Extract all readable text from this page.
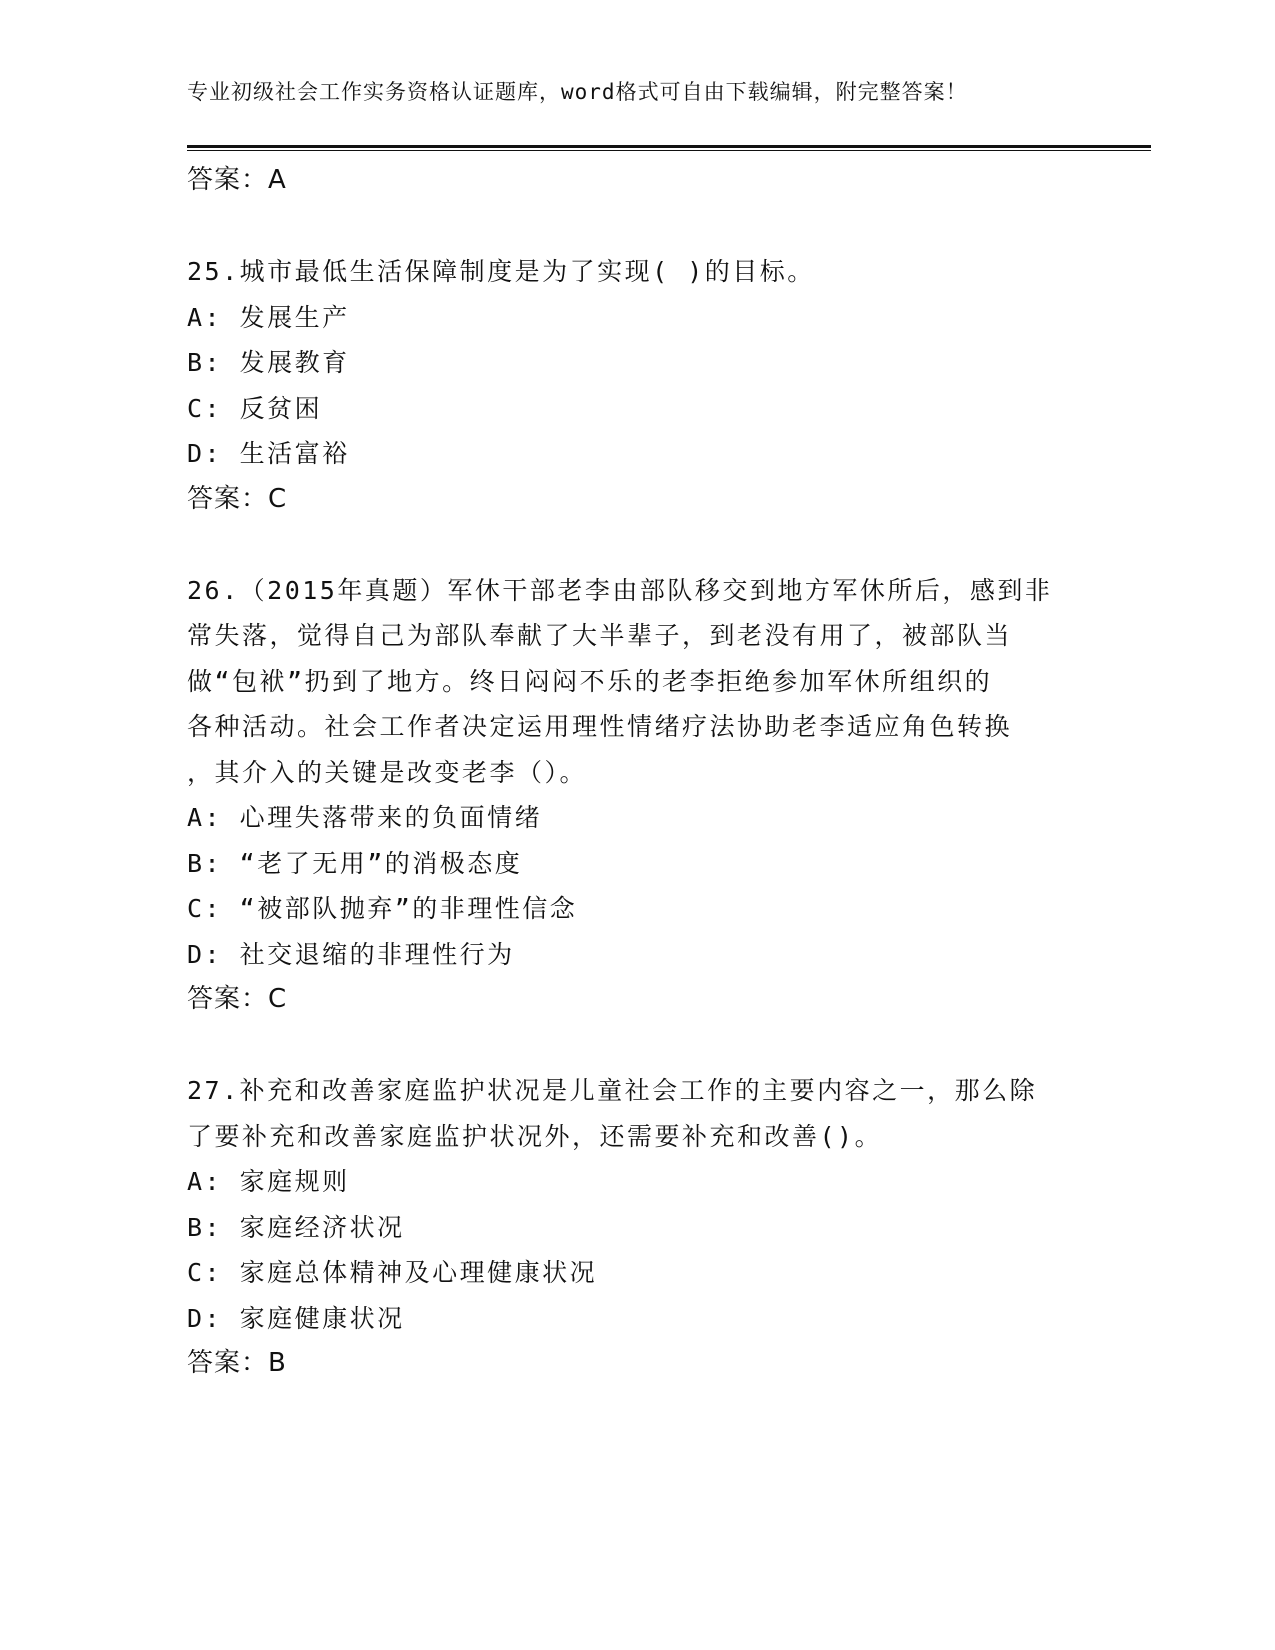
专业初级社会工作实务资格认证题库，word格式可自由下载编辑，附完整答案！
答案：A
25.城市最低生活保障制度是为了实现( )的目标。
A: 发展生产
B: 发展教育
C: 反贫困
D: 生活富裕
答案：C
26.（2015年真题）军休干部老李由部队移交到地方军休所后，感到非
常失落，觉得自己为部队奉献了大半辈子，到老没有用了，被部队当
做“包袱”扔到了地方。终日闷闷不乐的老李拒绝参加军休所组织的
各种活动。社会工作者决定运用理性情绪疗法协助老李适应角色转换
，其介入的关键是改变老李（）。
A: 心理失落带来的负面情绪
B: “老了无用”的消极态度
C: “被部队抛弃”的非理性信念
D: 社交退缩的非理性行为
答案：C
27.补充和改善家庭监护状况是儿童社会工作的主要内容之一，那么除
了要补充和改善家庭监护状况外，还需要补充和改善()。
A: 家庭规则
B: 家庭经济状况
C: 家庭总体精神及心理健康状况
D: 家庭健康状况
答案：B
